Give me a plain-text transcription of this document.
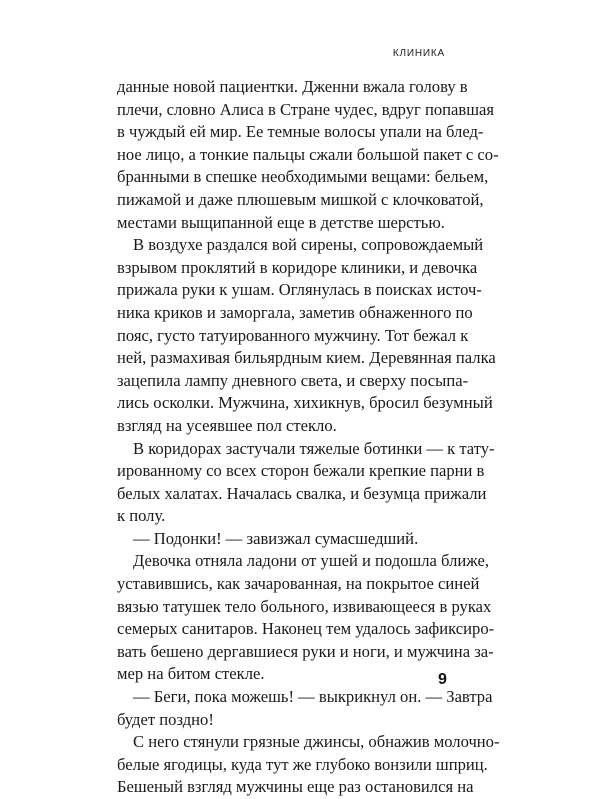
КЛИНИКА
данные новой пациентки. Дженни вжала голову в
плечи, словно Алиса в Стране чудес, вдруг попавшая
в чуждый ей мир. Ее темные волосы упали на блед-
ное лицо, а тонкие пальцы сжали большой пакет с со-
бранными в спешке необходимыми вещами: бельем,
пижамой и даже плюшевым мишкой с клочковатой,
местами выщипанной еще в детстве шерстью.
В воздухе раздался вой сирены, сопровождаемый
взрывом проклятий в коридоре клиники, и девочка
прижала руки к ушам. Оглянулась в поисках источ-
ника криков и заморгала, заметив обнаженного по
пояс, густо татуированного мужчину. Тот бежал к
ней, размахивая бильярдным кием. Деревянная палка
зацепила лампу дневного света, и сверху посыпа-
лись осколки. Мужчина, хихикнув, бросил безумный
взгляд на усеявшее пол стекло.
В коридорах застучали тяжелые ботинки — к тату-
ированному со всех сторон бежали крепкие парни в
белых халатах. Началась свалка, и безумца прижали
к полу.
— Подонки! — завизжал сумасшедший.
Девочка отняла ладони от ушей и подошла ближе,
уставившись, как зачарованная, на покрытое синей
вязью татушек тело больного, извивающееся в руках
семерых санитаров. Наконец тем удалось зафиксиро-
вать бешено дергавшиеся руки и ноги, и мужчина за-
мер на битом стекле.
— Беги, пока можешь! — выкрикнул он. — Завтра
будет поздно!
С него стянули грязные джинсы, обнажив молочно-
белые ягодицы, куда тут же глубоко вонзили шприц.
Бешеный взгляд мужчины еще раз остановился на
9
